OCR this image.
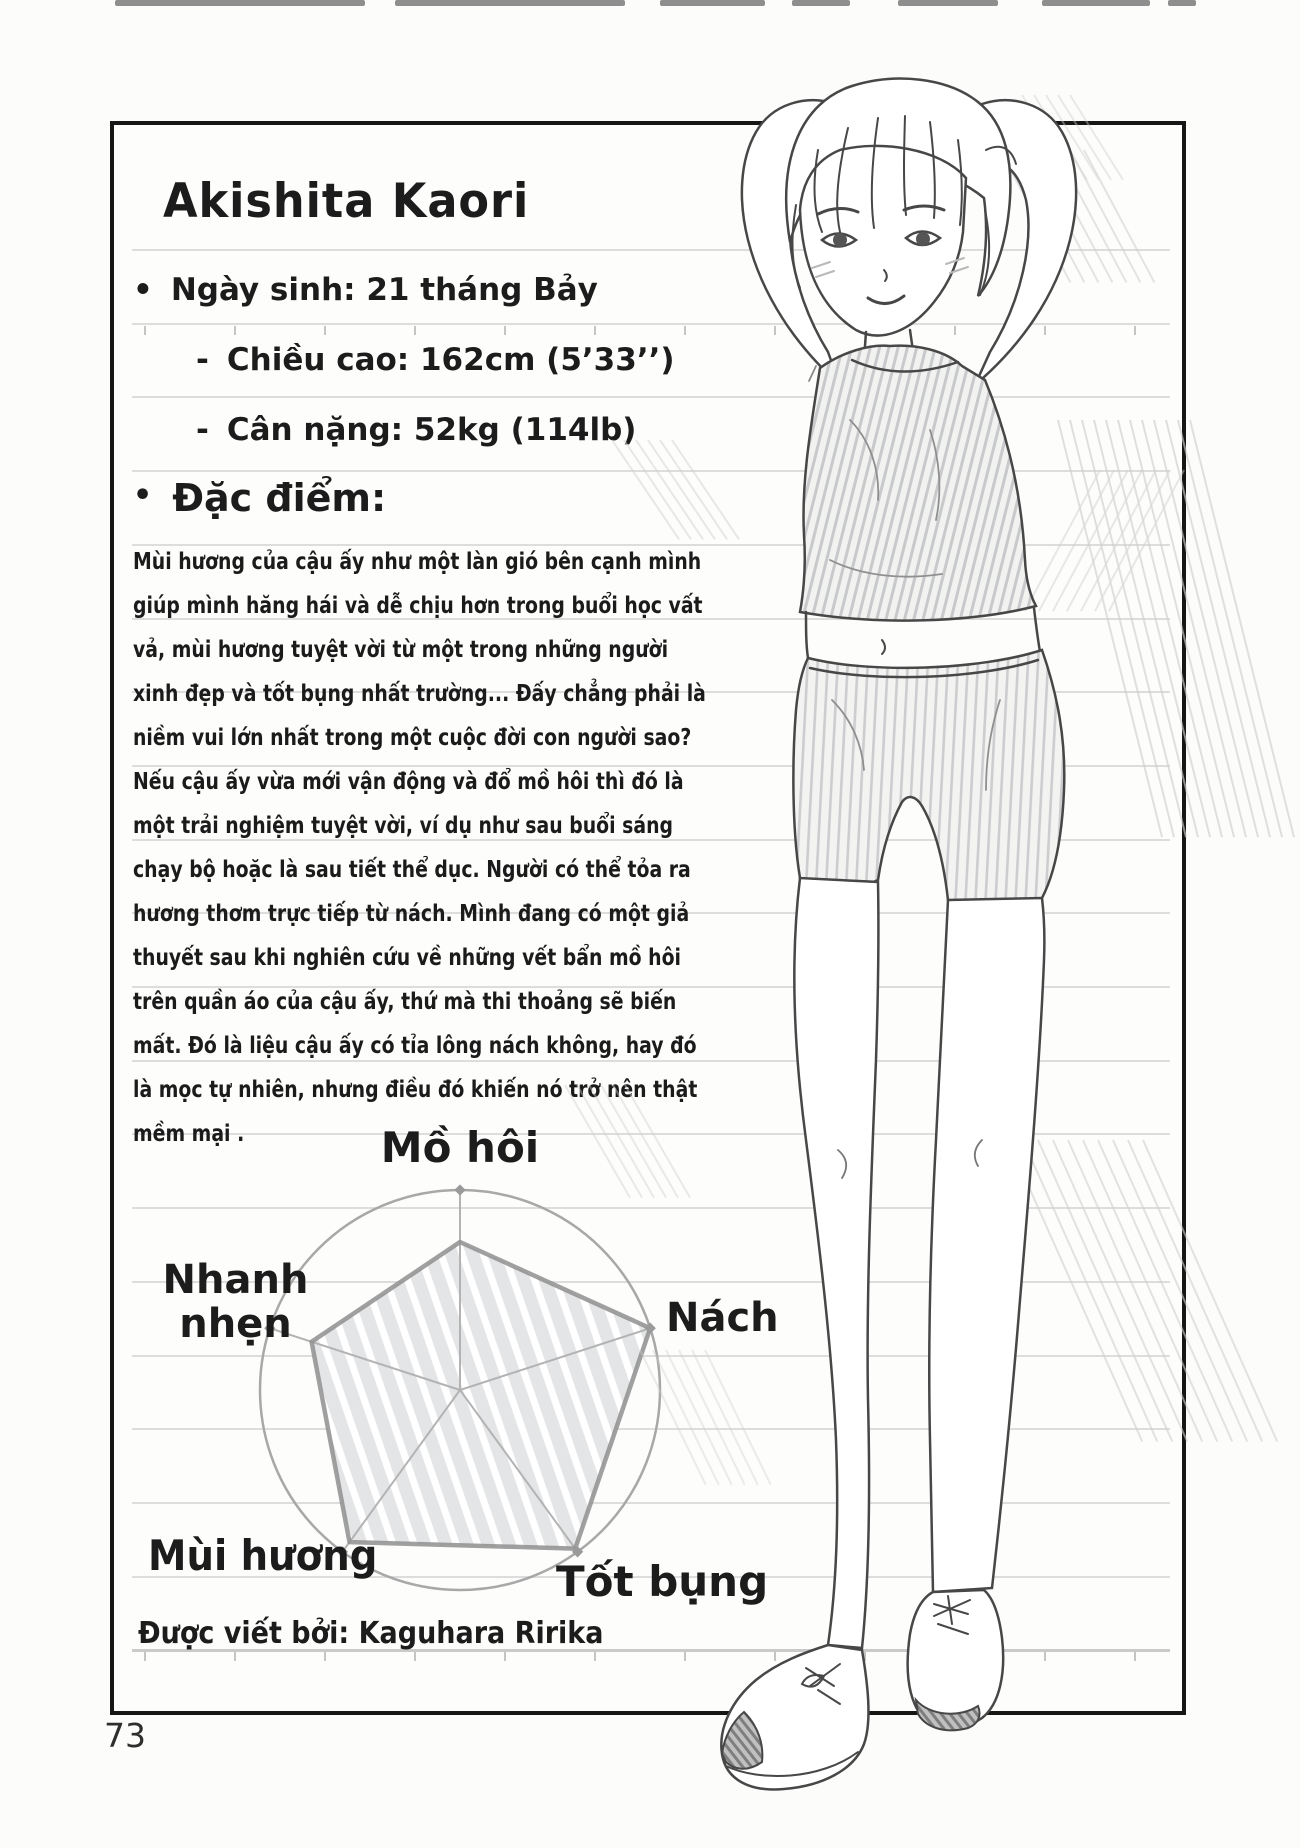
Akishita Kaori
• Ngày sinh: 21 tháng Bảy
- Chiều cao: 162cm (5’33’’)
- Cân nặng: 52kg (114lb)
• Đặc điểm:
Mùi hương của cậu ấy như một làn gió bên cạnh mình
giúp mình hăng hái và dễ chịu hơn trong buổi học vất
vả, mùi hương tuyệt vời từ một trong những người
xinh đẹp và tốt bụng nhất trường... Đấy chẳng phải là
niềm vui lớn nhất trong một cuộc đời con người sao?
Nếu cậu ấy vừa mới vận động và đổ mồ hôi thì đó là
một trải nghiệm tuyệt vời, ví dụ như sau buổi sáng
chạy bộ hoặc là sau tiết thể dục. Người có thể tỏa ra
hương thơm trực tiếp từ nách. Mình đang có một giả
thuyết sau khi nghiên cứu về những vết bẩn mồ hôi
trên quần áo của cậu ấy, thứ mà thi thoảng sẽ biến
mất. Đó là liệu cậu ấy có tỉa lông nách không, hay đó
là mọc tự nhiên, nhưng điều đó khiến nó trở nên thật
mềm mại .
Được viết bởi: Kaguhara Ririka
73
Mồ hôi
Nách
Tốt bụng
Mùi hương
Nhanh nhẹn
